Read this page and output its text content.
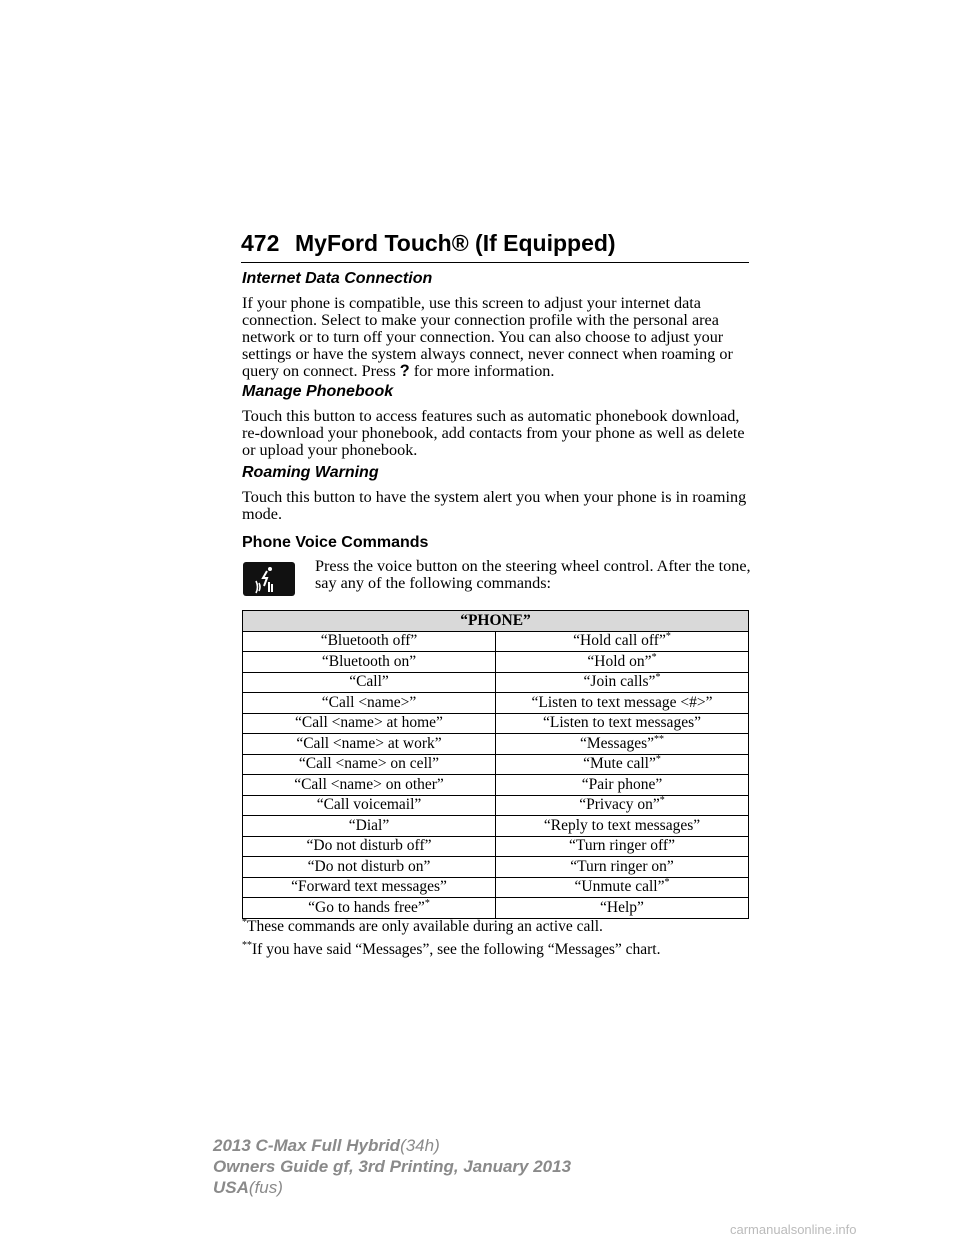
472 MyFord Touch® (If Equipped)
Internet Data Connection

If your phone is compatible, use this screen to adjust your internet data connection. Select to make your connection profile with the personal area network or to turn off your connection. You can also choose to adjust your settings or have the system always connect, never connect when roaming or query on connect. Press ? for more information.

Manage Phonebook

Touch this button to access features such as automatic phonebook download, re-download your phonebook, add contacts from your phone as well as delete or upload your phonebook.

Roaming Warning

Touch this button to have the system alert you when your phone is in roaming mode.

Phone Voice Commands
Press the voice button on the steering wheel control. After the tone, say any of the following commands:
“PHONE”	
“Bluetooth off”	“Hold call off”*
“Bluetooth on”	“Hold on”*
“Call”	“Join calls”*
“Call <name>”	“Listen to text message <#>”
“Call <name> at home”	“Listen to text messages”
“Call <name> at work”	“Messages”**
“Call <name> on cell”	“Mute call”*
“Call <name> on other”	“Pair phone”
“Call voicemail”	“Privacy on”*
“Dial”	“Reply to text messages”
“Do not disturb off”	“Turn ringer off”
“Do not disturb on”	“Turn ringer on”
“Forward text messages”	“Unmute call”*
“Go to hands free”*	“Help”
*These commands are only available during an active call.
**If you have said “Messages”, see the following “Messages” chart.
2013 C-Max Full Hybrid(34h)
Owners Guide gf, 3rd Printing, January 2013
USA(fus)
carmanualsonline.info
